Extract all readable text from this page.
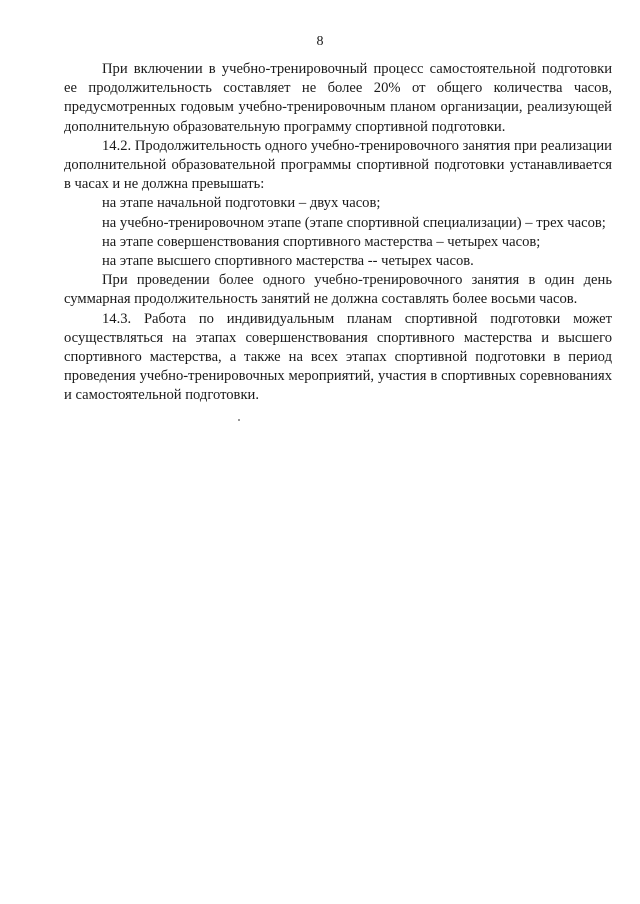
8

При включении в учебно-тренировочный процесс самостоятельной подготовки ее продолжительность составляет не более 20% от общего количества часов, предусмотренных годовым учебно-тренировочным планом организации, реализующей дополнительную образовательную программу спортивной подготовки.

14.2. Продолжительность одного учебно-тренировочного занятия при реализации дополнительной образовательной программы спортивной подготовки устанавливается в часах и не должна превышать:

на этапе начальной подготовки – двух часов;

на учебно-тренировочном этапе (этапе спортивной специализации) – трех часов;

на этапе совершенствования спортивного мастерства – четырех часов;

на этапе высшего спортивного мастерства -- четырех часов.

При проведении более одного учебно-тренировочного занятия в один день суммарная продолжительность занятий не должна составлять более восьми часов.

14.3. Работа по индивидуальным планам спортивной подготовки может осуществляться на этапах совершенствования спортивного мастерства и высшего спортивного мастерства, а также на всех этапах спортивной подготовки в период проведения учебно-тренировочных мероприятий, участия в спортивных соревнованиях и самостоятельной подготовки.
